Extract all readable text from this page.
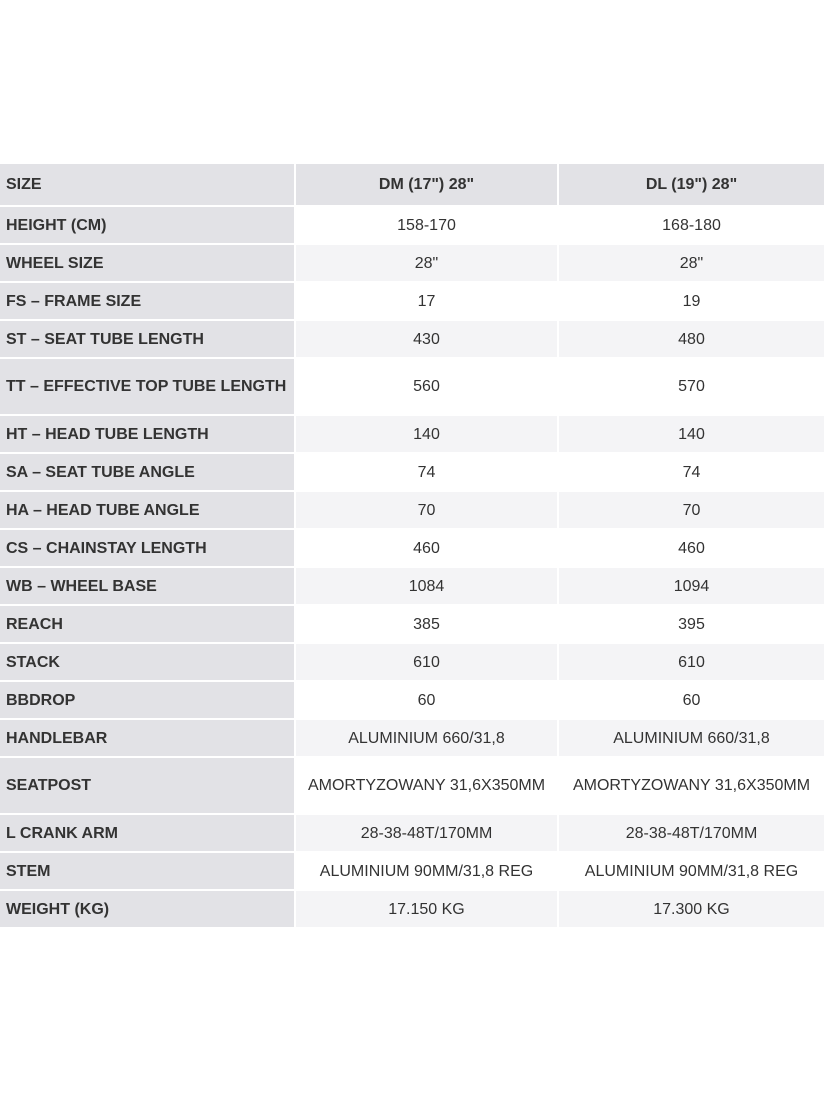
SIZE	DM (17") 28"	DL (19") 28"
HEIGHT (CM)	158-170	168-180
WHEEL SIZE	28"	28"
FS – FRAME SIZE	17	19
ST – SEAT TUBE LENGTH	430	480
TT – EFFECTIVE TOP TUBE LENGTH	560	570
HT – HEAD TUBE LENGTH	140	140
SA – SEAT TUBE ANGLE	74	74
HA – HEAD TUBE ANGLE	70	70
CS – CHAINSTAY LENGTH	460	460
WB – WHEEL BASE	1084	1094
REACH	385	395
STACK	610	610
BBDROP	60	60
HANDLEBAR	ALUMINIUM 660/31,8	ALUMINIUM 660/31,8
SEATPOST	AMORTYZOWANY 31,6X350MM	AMORTYZOWANY 31,6X350MM
L CRANK ARM	28-38-48T/170MM	28-38-48T/170MM
STEM	ALUMINIUM 90MM/31,8 REG	ALUMINIUM 90MM/31,8 REG
WEIGHT (KG)	17.150 KG	17.300 KG
